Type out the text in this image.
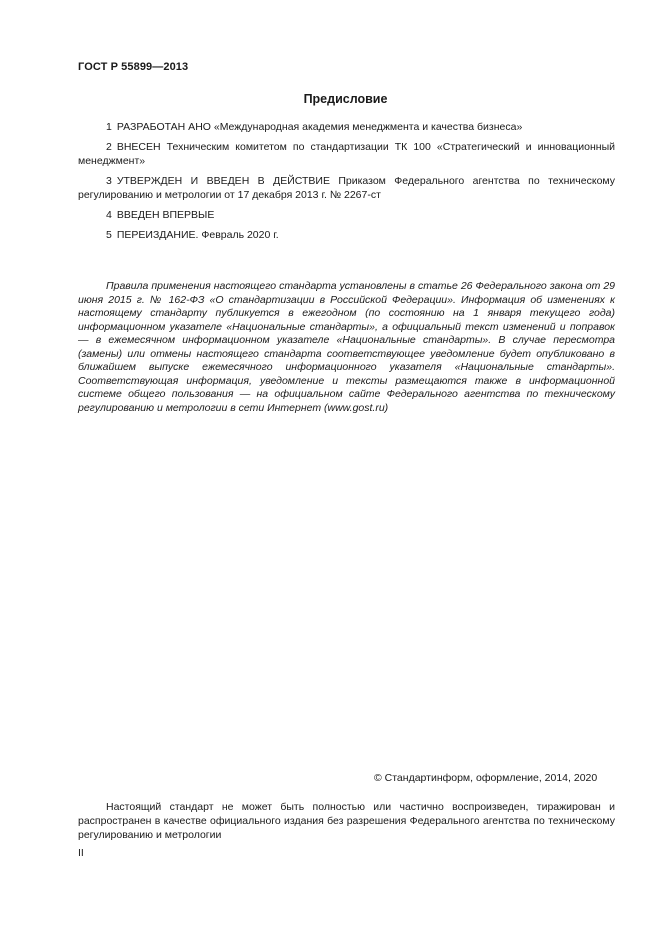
ГОСТ Р 55899—2013
Предисловие
1 РАЗРАБОТАН АНО «Международная академия менеджмента и качества бизнеса»
2 ВНЕСЕН Техническим комитетом по стандартизации ТК 100 «Стратегический и инновационный менеджмент»
3 УТВЕРЖДЕН И ВВЕДЕН В ДЕЙСТВИЕ Приказом Федерального агентства по техническому регулированию и метрологии от 17 декабря 2013 г. № 2267-ст
4 ВВЕДЕН ВПЕРВЫЕ
5 ПЕРЕИЗДАНИЕ. Февраль 2020 г.
Правила применения настоящего стандарта установлены в статье 26 Федерального закона от 29 июня 2015 г. № 162-ФЗ «О стандартизации в Российской Федерации». Информация об изменениях к настоящему стандарту публикуется в ежегодном (по состоянию на 1 января текущего года) информационном указателе «Национальные стандарты», а официальный текст изменений и поправок — в ежемесячном информационном указателе «Национальные стандарты». В случае пересмотра (замены) или отмены настоящего стандарта соответствующее уведомление будет опубликовано в ближайшем выпуске ежемесячного информационного указателя «Национальные стандарты». Соответствующая информация, уведомление и тексты размещаются также в информационной системе общего пользования — на официальном сайте Федерального агентства по техническому регулированию и метрологии в сети Интернет (www.gost.ru)
© Стандартинформ, оформление, 2014, 2020
Настоящий стандарт не может быть полностью или частично воспроизведен, тиражирован и распространен в качестве официального издания без разрешения Федерального агентства по техническому регулированию и метрологии
II
